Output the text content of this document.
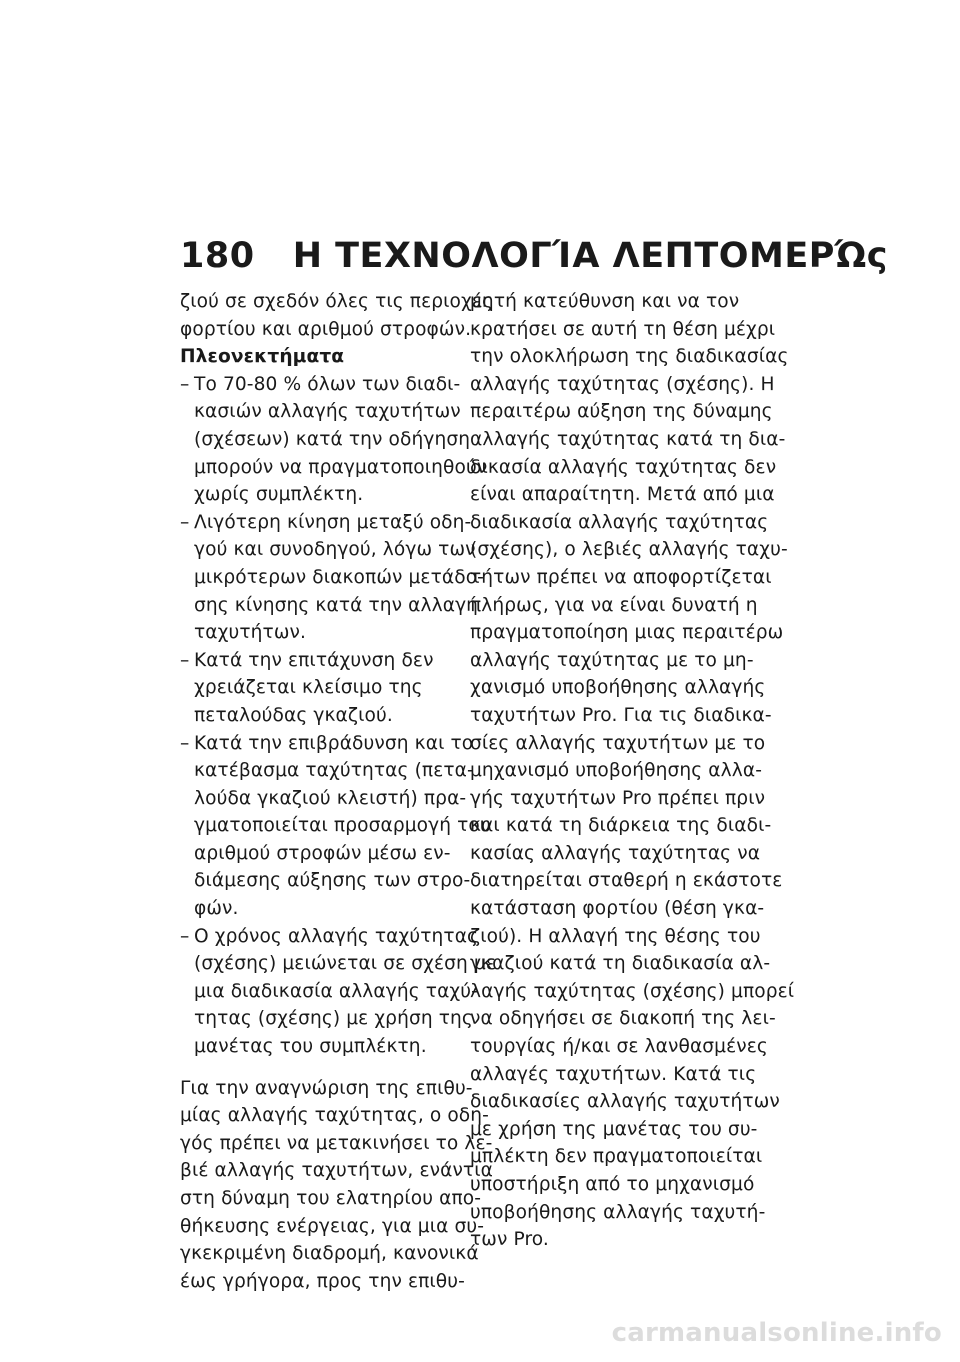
180 Η ΤΕΧΝΟΛΟΓΊΑ ΛΕΠΤΟΜΕΡΏς
ζιού σε σχεδόν όλες τις περιοχές
φορτίου και αριθμού στροφών.
Πλεονεκτήματα
– Το 70-80 % όλων των διαδι-
κασιών αλλαγής ταχυτήτων
(σχέσεων) κατά την οδήγηση
μπορούν να πραγματοποιηθούν
χωρίς συμπλέκτη.
– Λιγότερη κίνηση μεταξύ οδη-
γού και συνοδηγού, λόγω των
μικρότερων διακοπών μετάδο-
σης κίνησης κατά την αλλαγή
ταχυτήτων.
– Κατά την επιτάχυνση δεν
χρειάζεται κλείσιμο της
πεταλούδας γκαζιού.
– Κατά την επιβράδυνση και το
κατέβασμα ταχύτητας (πετα-
λούδα γκαζιού κλειστή) πρα-
γματοποιείται προσαρμογή του
αριθμού στροφών μέσω εν-
διάμεσης αύξησης των στρο-
φών.
– Ο χρόνος αλλαγής ταχύτητας
(σχέσης) μειώνεται σε σχέση με
μια διαδικασία αλλαγής ταχύ-
τητας (σχέσης) με χρήση της
μανέτας του συμπλέκτη.
Για την αναγνώριση της επιθυ-
μίας αλλαγής ταχύτητας, ο οδη-
γός πρέπει να μετακινήσει το λε-
βιέ αλλαγής ταχυτήτων, ενάντια
στη δύναμη του ελατηρίου απο-
θήκευσης ενέργειας, για μια συ-
γκεκριμένη διαδρομή, κανονικά
έως γρήγορα, προς την επιθυ-
μητή κατεύθυνση και να τον
κρατήσει σε αυτή τη θέση μέχρι
την ολοκλήρωση της διαδικασίας
αλλαγής ταχύτητας (σχέσης). Η
περαιτέρω αύξηση της δύναμης
αλλαγής ταχύτητας κατά τη δια-
δικασία αλλαγής ταχύτητας δεν
είναι απαραίτητη. Μετά από μια
διαδικασία αλλαγής ταχύτητας
(σχέσης), ο λεβιές αλλαγής ταχυ-
τήτων πρέπει να αποφορτίζεται
πλήρως, για να είναι δυνατή η
πραγματοποίηση μιας περαιτέρω
αλλαγής ταχύτητας με το μη-
χανισμό υποβοήθησης αλλαγής
ταχυτήτων Pro. Για τις διαδικα-
σίες αλλαγής ταχυτήτων με το
μηχανισμό υποβοήθησης αλλα-
γής ταχυτήτων Pro πρέπει πριν
και κατά τη διάρκεια της διαδι-
κασίας αλλαγής ταχύτητας να
διατηρείται σταθερή η εκάστοτε
κατάσταση φορτίου (θέση γκα-
ζιού). Η αλλαγή της θέσης του
γκαζιού κατά τη διαδικασία αλ-
λαγής ταχύτητας (σχέσης) μπορεί
να οδηγήσει σε διακοπή της λει-
τουργίας ή/και σε λανθασμένες
αλλαγές ταχυτήτων. Κατά τις
διαδικασίες αλλαγής ταχυτήτων
με χρήση της μανέτας του συ-
μπλέκτη δεν πραγματοποιείται
υποστήριξη από το μηχανισμό
υποβοήθησης αλλαγής ταχυτή-
των Pro.
carmanualsonline.info
